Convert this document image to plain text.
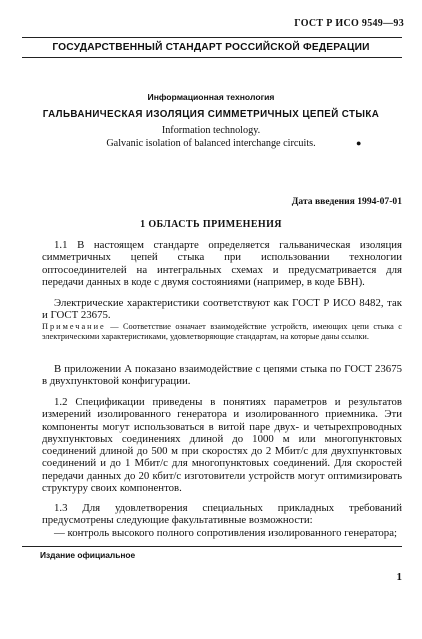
ГОСТ Р ИСО 9549—93
ГОСУДАРСТВЕННЫЙ СТАНДАРТ РОССИЙСКОЙ ФЕДЕРАЦИИ
Информационная технология
ГАЛЬВАНИЧЕСКАЯ ИЗОЛЯЦИЯ СИММЕТРИЧНЫХ ЦЕПЕЙ СТЫКА
Information technology.
Galvanic isolation of balanced interchange circuits.	●
Дата введения 1994-07-01
1 ОБЛАСТЬ ПРИМЕНЕНИЯ
1.1 В настоящем стандарте определяется гальваническая изоляция симметричных цепей стыка при использовании технологии оптосоединителей на интегральных схемах и предусматривается для передачи данных в коде с двумя состояниями (например, в коде БВН).
Электрические характеристики соответствуют как ГОСТ Р ИСО 8482, так и ГОСТ 23675.
Примечание — Соответствие означает взаимодействие устройств, имеющих цепи стыка с электрическими характеристиками, удовлетворяющие стандартам, на которые даны ссылки.
В приложении А показано взаимодействие с цепями стыка по ГОСТ 23675 в двухпунктовой конфигурации.
1.2 Спецификации приведены в понятиях параметров и результатов измерений изолированного генератора и изолированного приемника. Эти компоненты могут использоваться в витой паре двух- и четырехпроводных двухпунктовых соединениях длиной до 1000 м или многопунктовых соединений длиной до 500 м при скоростях до 2 Мбит/с для двухпунктовых соединений и до 1 Мбит/с для многопунктовых соединений. Для скоростей передачи данных до 20 кбит/с изготовители устройств могут оптимизировать структуру своих компонентов.
1.3 Для удовлетворения специальных прикладных требований предусмотрены следующие факультативные возможности:
— контроль высокого полного сопротивления изолированного генератора;
Издание официальное
1
